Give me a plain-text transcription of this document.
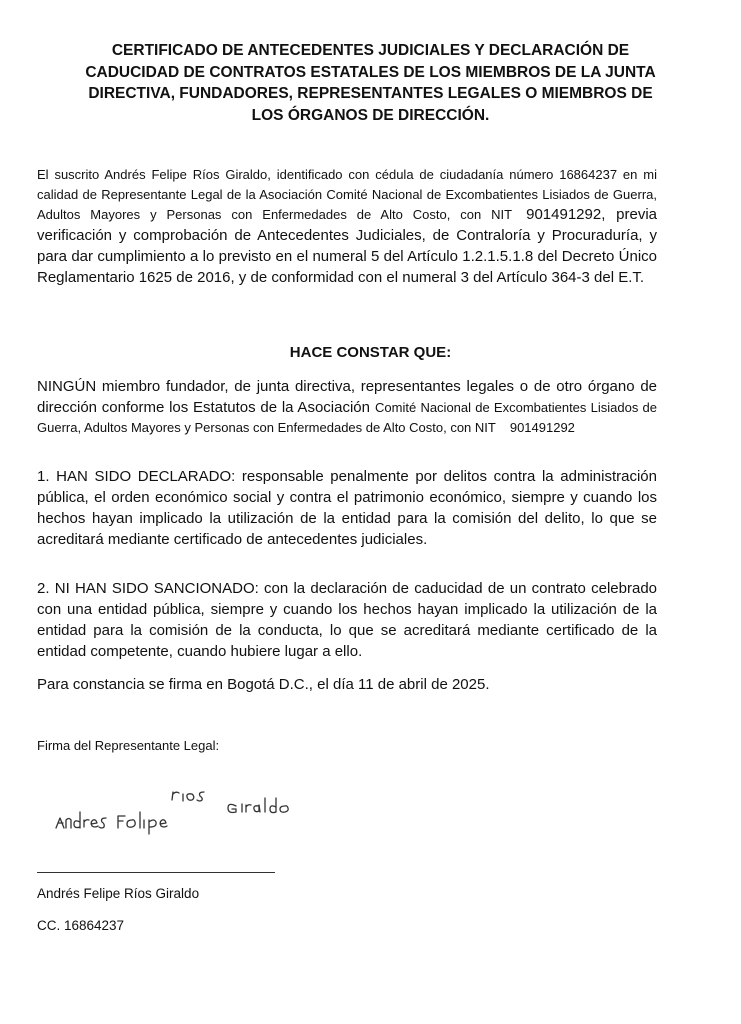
CERTIFICADO DE ANTECEDENTES JUDICIALES Y DECLARACIÓN DE
CADUCIDAD DE CONTRATOS ESTATALES DE LOS MIEMBROS DE LA JUNTA
DIRECTIVA, FUNDADORES, REPRESENTANTES LEGALES O MIEMBROS DE
LOS ÓRGANOS DE DIRECCIÓN.
El suscrito Andrés Felipe Ríos Giraldo, identificado con cédula de ciudadanía número 16864237 en mi calidad de Representante Legal de la Asociación Comité Nacional de Excombatientes Lisiados de Guerra, Adultos Mayores y Personas con Enfermedades de Alto Costo, con NIT 901491292, previa verificación y comprobación de Antecedentes Judiciales, de Contraloría y Procuraduría, y para dar cumplimiento a lo previsto en el numeral 5 del Artículo 1.2.1.5.1.8 del Decreto Único Reglamentario 1625 de 2016, y de conformidad con el numeral 3 del Artículo 364-3 del E.T.
HACE CONSTAR QUE:
NINGÚN miembro fundador, de junta directiva, representantes legales o de otro órgano de dirección conforme los Estatutos de la Asociación Comité Nacional de Excombatientes Lisiados de Guerra, Adultos Mayores y Personas con Enfermedades de Alto Costo, con NIT 901491292
1. HAN SIDO DECLARADO: responsable penalmente por delitos contra la administración pública, el orden económico social y contra el patrimonio económico, siempre y cuando los hechos hayan implicado la utilización de la entidad para la comisión del delito, lo que se acreditará mediante certificado de antecedentes judiciales.
2. NI HAN SIDO SANCIONADO: con la declaración de caducidad de un contrato celebrado con una entidad pública, siempre y cuando los hechos hayan implicado la utilización de la entidad para la comisión de la conducta, lo que se acreditará mediante certificado de la entidad competente, cuando hubiere lugar a ello.
Para constancia se firma en Bogotá D.C., el día 11 de abril de 2025.
Firma del Representante Legal:
Andrés Felipe Ríos Giraldo
CC. 16864237
